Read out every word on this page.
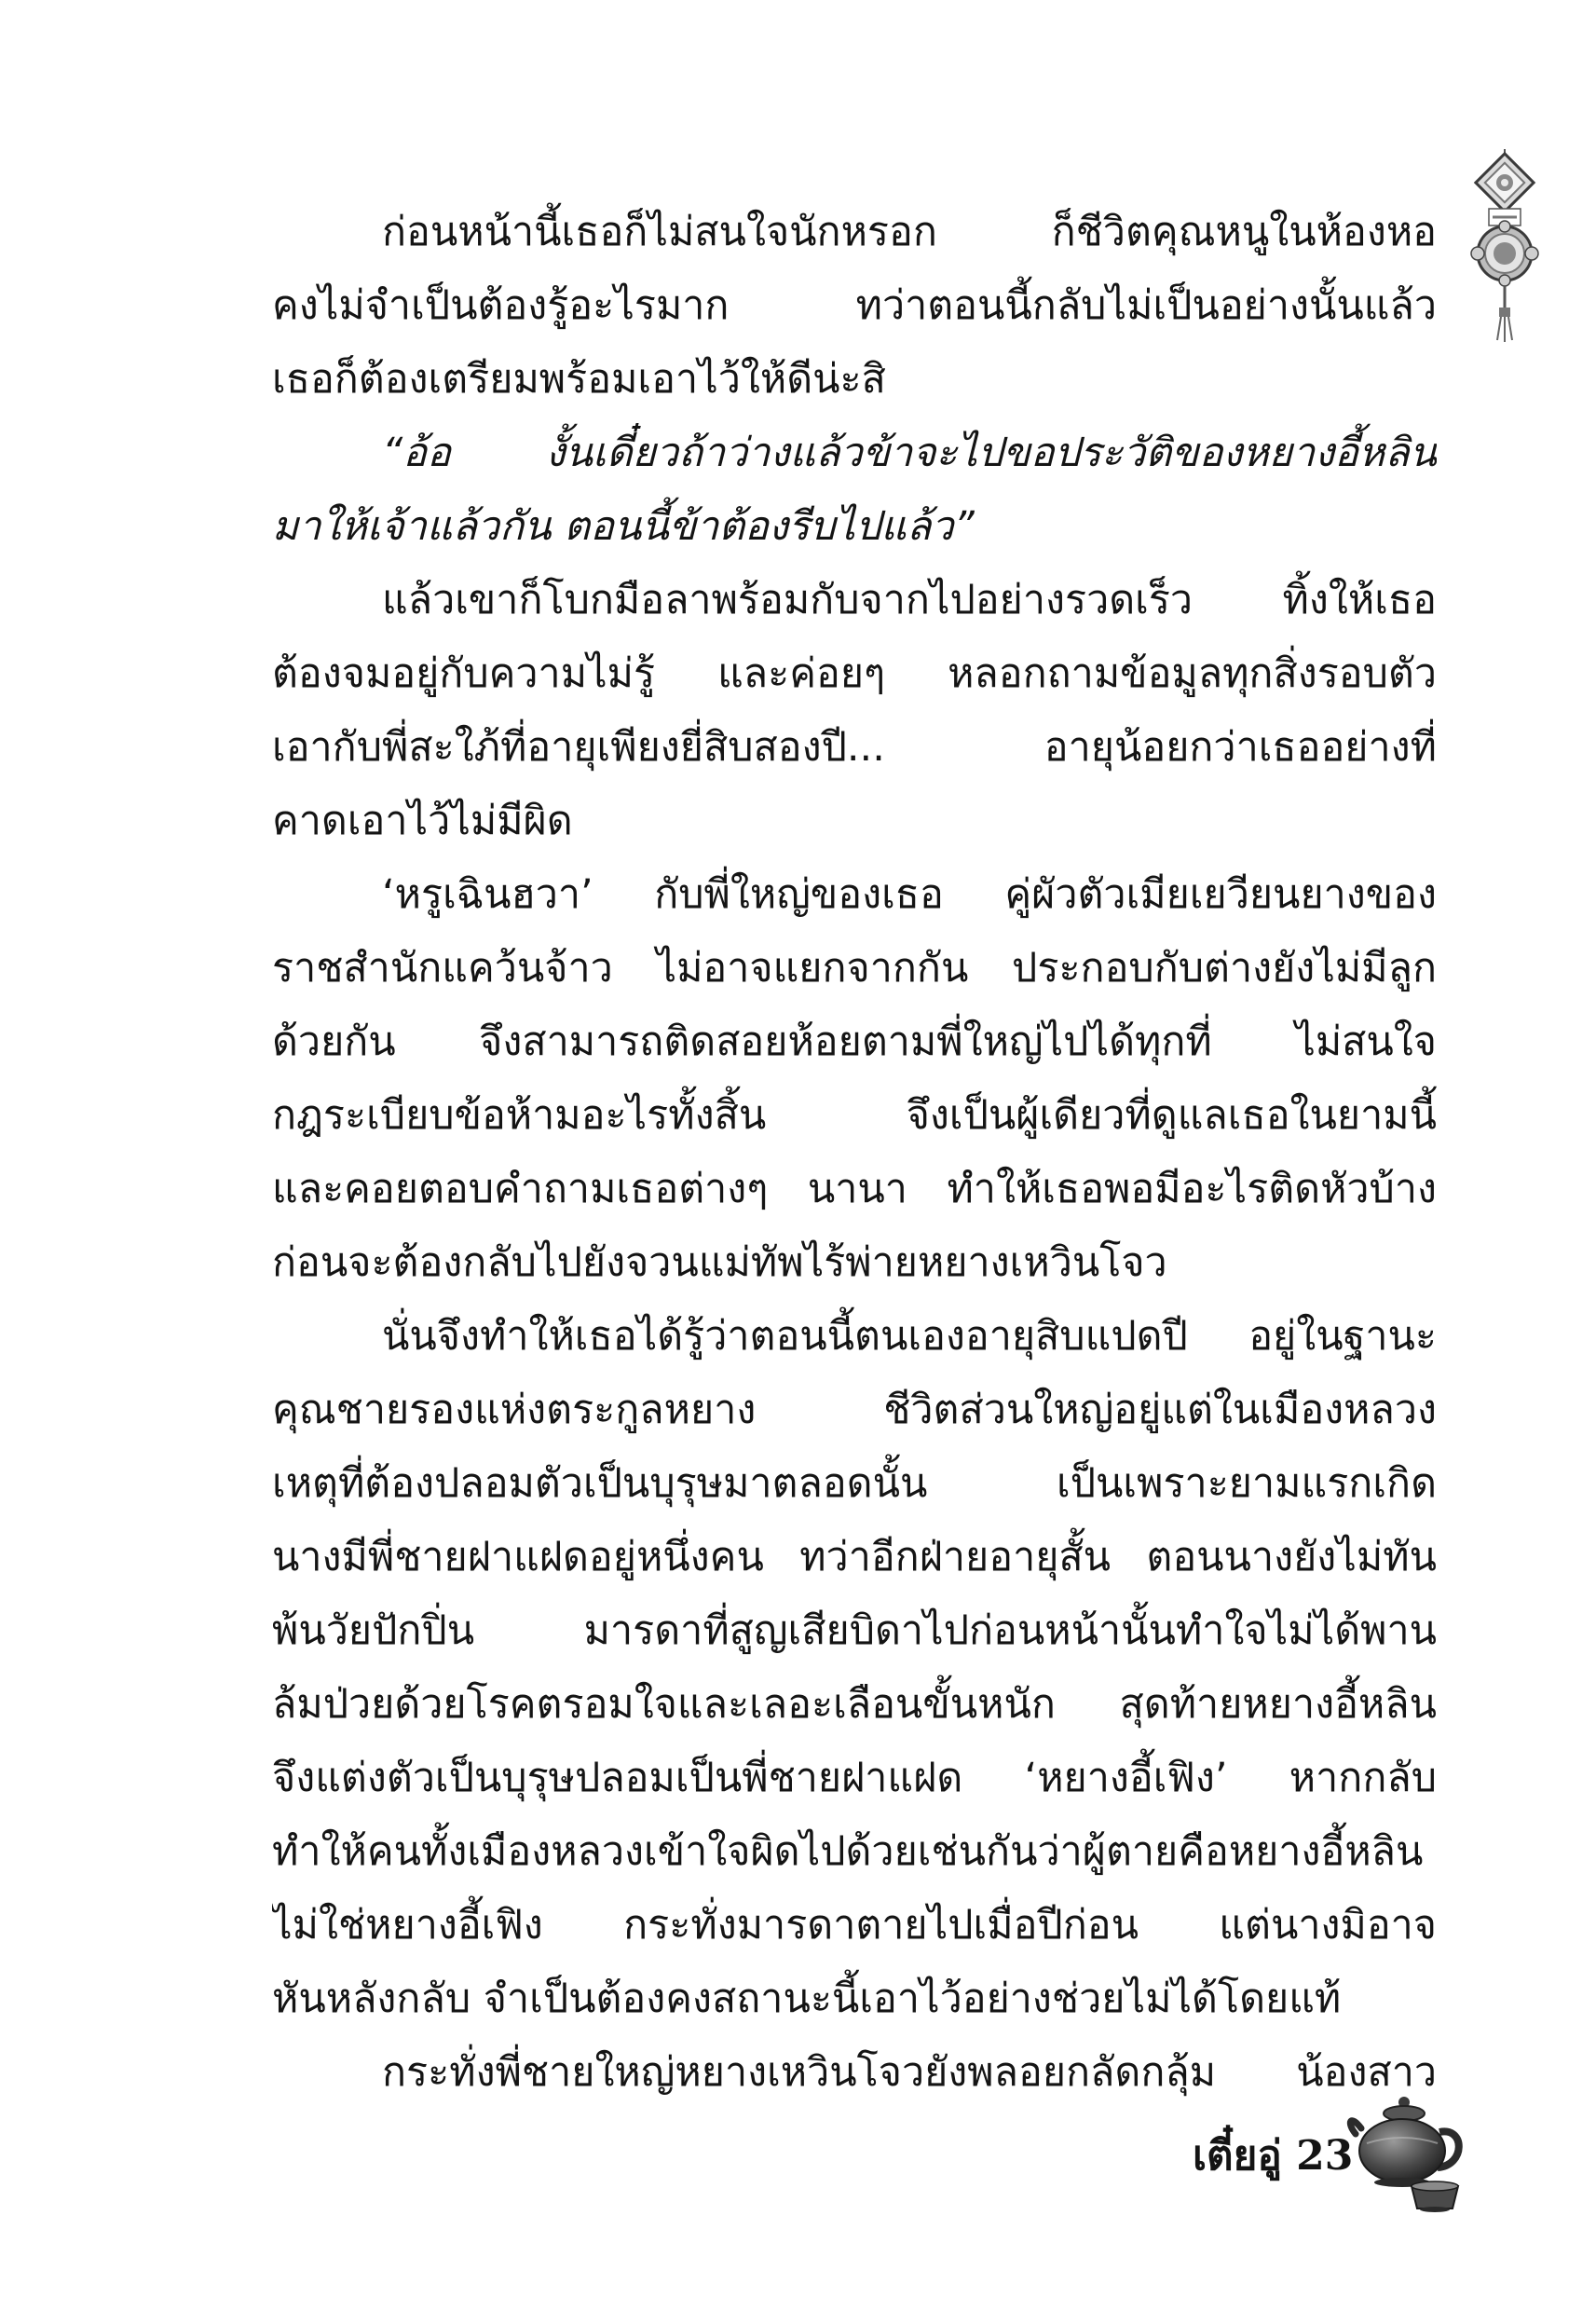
ก่อนหน้านี้เธอก็ไม่สนใจนักหรอก ก็ชีวิตคุณหนูในห้องหอ
คงไม่จำเป็นต้องรู้อะไรมาก ทว่าตอนนี้กลับไม่เป็นอย่างนั้นแล้ว
เธอก็ต้องเตรียมพร้อมเอาไว้ให้ดีน่ะสิ
“อ้อ งั้นเดี๋ยวถ้าว่างแล้วข้าจะไปขอประวัติของหยางอี้หลิน
มาให้เจ้าแล้วกัน ตอนนี้ข้าต้องรีบไปแล้ว”
แล้วเขาก็โบกมือลาพร้อมกับจากไปอย่างรวดเร็ว ทิ้งให้เธอ
ต้องจมอยู่กับความไม่รู้ และค่อยๆ หลอกถามข้อมูลทุกสิ่งรอบตัว
เอากับพี่สะใภ้ที่อายุเพียงยี่สิบสองปี... อายุน้อยกว่าเธออย่างที่
คาดเอาไว้ไม่มีผิด
‘หรูเฉินฮวา’ กับพี่ใหญ่ของเธอ คู่ผัวตัวเมียเยวียนยางของ
ราชสำนักแคว้นจ้าว ไม่อาจแยกจากกัน ประกอบกับต่างยังไม่มีลูก
ด้วยกัน จึงสามารถติดสอยห้อยตามพี่ใหญ่ไปได้ทุกที่ ไม่สนใจ
กฎระเบียบข้อห้ามอะไรทั้งสิ้น จึงเป็นผู้เดียวที่ดูแลเธอในยามนี้
และคอยตอบคำถามเธอต่างๆ นานา ทำให้เธอพอมีอะไรติดหัวบ้าง
ก่อนจะต้องกลับไปยังจวนแม่ทัพไร้พ่ายหยางเหวินโจว
นั่นจึงทำให้เธอได้รู้ว่าตอนนี้ตนเองอายุสิบแปดปี อยู่ในฐานะ
คุณชายรองแห่งตระกูลหยาง ชีวิตส่วนใหญ่อยู่แต่ในเมืองหลวง
เหตุที่ต้องปลอมตัวเป็นบุรุษมาตลอดนั้น เป็นเพราะยามแรกเกิด
นางมีพี่ชายฝาแฝดอยู่หนึ่งคน ทว่าอีกฝ่ายอายุสั้น ตอนนางยังไม่ทัน
พ้นวัยปักปิ่น มารดาที่สูญเสียบิดาไปก่อนหน้านั้นทำใจไม่ได้พาน
ล้มป่วยด้วยโรคตรอมใจและเลอะเลือนขั้นหนัก สุดท้ายหยางอี้หลิน
จึงแต่งตัวเป็นบุรุษปลอมเป็นพี่ชายฝาแฝด ‘หยางอี้เฟิง’ หากกลับ
ทำให้คนทั้งเมืองหลวงเข้าใจผิดไปด้วยเช่นกันว่าผู้ตายคือหยางอี้หลิน
ไม่ใช่หยางอี้เฟิง กระทั่งมารดาตายไปเมื่อปีก่อน แต่นางมิอาจ
หันหลังกลับ จำเป็นต้องคงสถานะนี้เอาไว้อย่างช่วยไม่ได้โดยแท้
กระทั่งพี่ชายใหญ่หยางเหวินโจวยังพลอยกลัดกลุ้ม น้องสาว
เตี๋ยอู่ 23
